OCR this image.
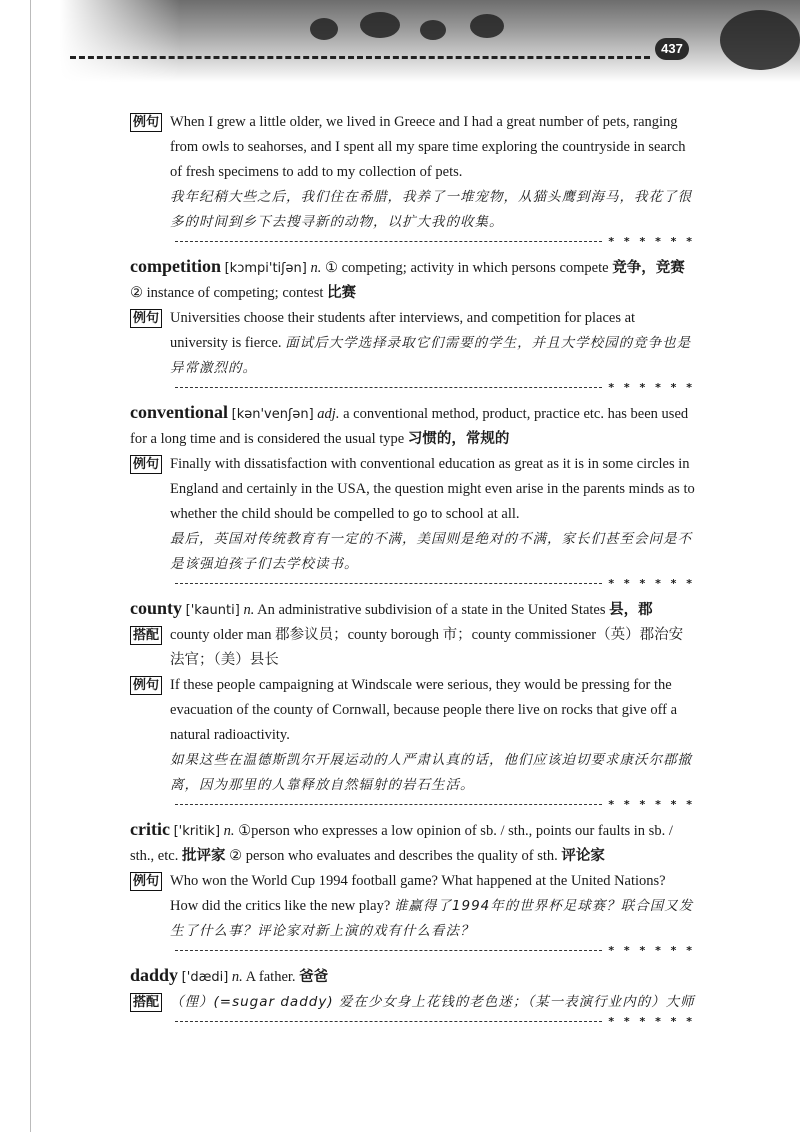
437
例句 When I grew a little older, we lived in Greece and I had a great number of pets, ranging from owls to seahorses, and I spent all my spare time exploring the countryside in search of fresh specimens to add to my collection of pets.
我年纪稍大些之后，我们住在希腊，我养了一堆宠物，从猫头鹰到海马，我花了很多的时间到乡下去搜寻新的动物，以扩大我的收集。
* * * * * *
competition [kɔmpi'tiʃən] n. ① competing; activity in which persons compete 竞争，竞赛 ② instance of competing; contest 比赛
例句 Universities choose their students after interviews, and competition for places at university is fierce. 面试后大学选择录取它们需要的学生，并且大学校园的竞争也是异常激烈的。
* * * * * *
conventional [kən'venʃən] adj. a conventional method, product, practice etc. has been used for a long time and is considered the usual type 习惯的，常规的
例句 Finally with dissatisfaction with conventional education as great as it is in some circles in England and certainly in the USA, the question might even arise in the parents minds as to whether the child should be compelled to go to school at all.
最后，英国对传统教育有一定的不满，美国则是绝对的不满，家长们甚至会问是不是该强迫孩子们去学校读书。
* * * * * *
county ['kaunti] n. An administrative subdivision of a state in the United States 县，郡
搭配 county older man 郡参议员；county borough 市；county commissioner（英）郡治安法官；（美）县长
例句 If these people campaigning at Windscale were serious, they would be pressing for the evacuation of the county of Cornwall, because people there live on rocks that give off a natural radioactivity.
如果这些在温德斯凯尔开展运动的人严肃认真的话，他们应该迫切要求康沃尔郡撤离，因为那里的人靠释放自然辐射的岩石生活。
* * * * * *
critic ['kritik] n. ①person who expresses a low opinion of sb. / sth., points our faults in sb. / sth., etc. 批评家 ② person who evaluates and describes the quality of sth. 评论家
例句 Who won the World Cup 1994 football game? What happened at the United Nations? How did the critics like the new play? 谁赢得了1994年的世界杯足球赛？联合国又发生了什么事？评论家对新上演的戏有什么看法？
* * * * * *
daddy ['dædi] n. A father. 爸爸
搭配 （俚）(=sugar daddy) 爱在少女身上花钱的老色迷；（某一表演行业内的）大师
* * * * * *
